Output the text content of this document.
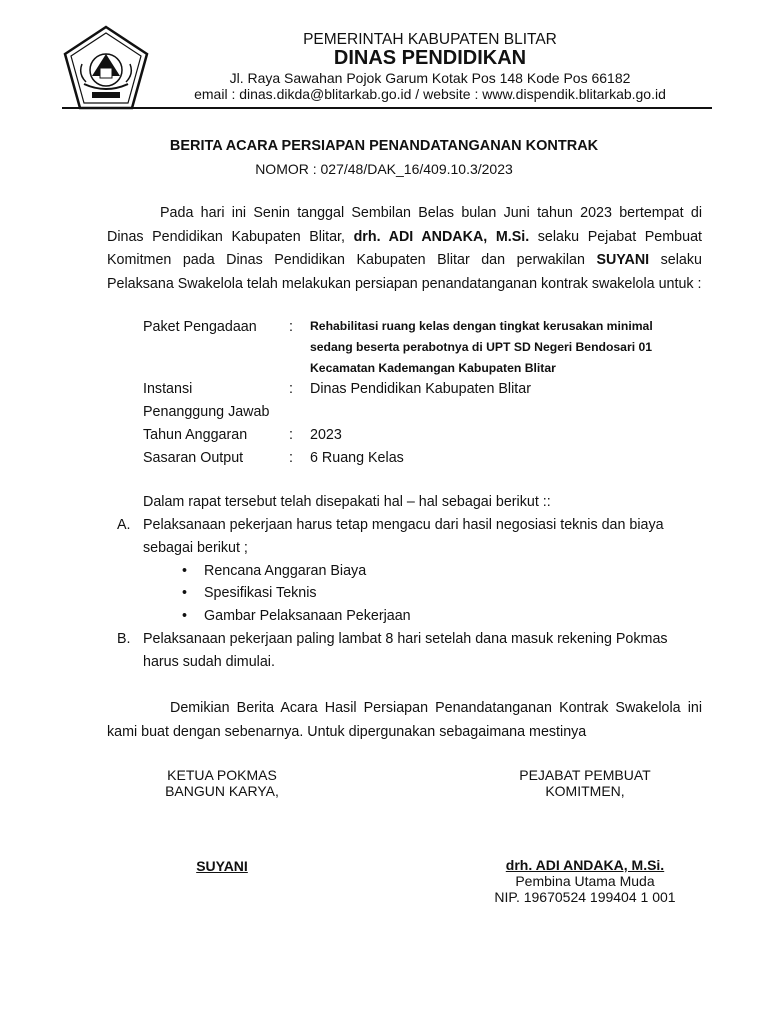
PEMERINTAH KABUPATEN BLITAR
DINAS PENDIDIKAN
Jl. Raya Sawahan Pojok Garum Kotak Pos 148 Kode Pos 66182
email : dinas.dikda@blitarkab.go.id / website : www.dispendik.blitarkab.go.id
BERITA ACARA PERSIAPAN PENANDATANGANAN KONTRAK
NOMOR : 027/48/DAK_16/409.10.3/2023
Pada hari ini Senin tanggal Sembilan Belas bulan Juni tahun 2023 bertempat di Dinas Pendidikan Kabupaten Blitar, drh. ADI ANDAKA, M.Si. selaku Pejabat Pembuat Komitmen pada Dinas Pendidikan Kabupaten Blitar dan perwakilan SUYANI selaku Pelaksana Swakelola telah melakukan persiapan penandatanganan kontrak swakelola untuk :
Paket Pengadaan : Rehabilitasi ruang kelas dengan tingkat kerusakan minimal
sedang beserta perabotnya di UPT SD Negeri Bendosari 01
Kecamatan Kademangan Kabupaten Blitar
Instansi
Penanggung Jawab
: Dinas Pendidikan Kabupaten Blitar
Tahun Anggaran	: 2023
Sasaran Output	: 6 Ruang Kelas
Dalam rapat tersebut telah disepakati hal – hal sebagai berikut ::
A. Pelaksanaan pekerjaan harus tetap mengacu dari hasil negosiasi teknis dan biaya
sebagai berikut ;
• Rencana Anggaran Biaya
• Spesifikasi Teknis
• Gambar Pelaksanaan Pekerjaan
B. Pelaksanaan pekerjaan paling lambat 8 hari setelah dana masuk rekening Pokmas
harus sudah dimulai.
Demikian Berita Acara Hasil Persiapan Penandatanganan Kontrak Swakelola ini kami buat dengan sebenarnya. Untuk dipergunakan sebagaimana mestinya
KETUA POKMAS
BANGUN KARYA,
SUYANI
PEJABAT PEMBUAT
KOMITMEN,
drh. ADI ANDAKA, M.Si.
Pembina Utama Muda
NIP. 19670524 199404 1 001
